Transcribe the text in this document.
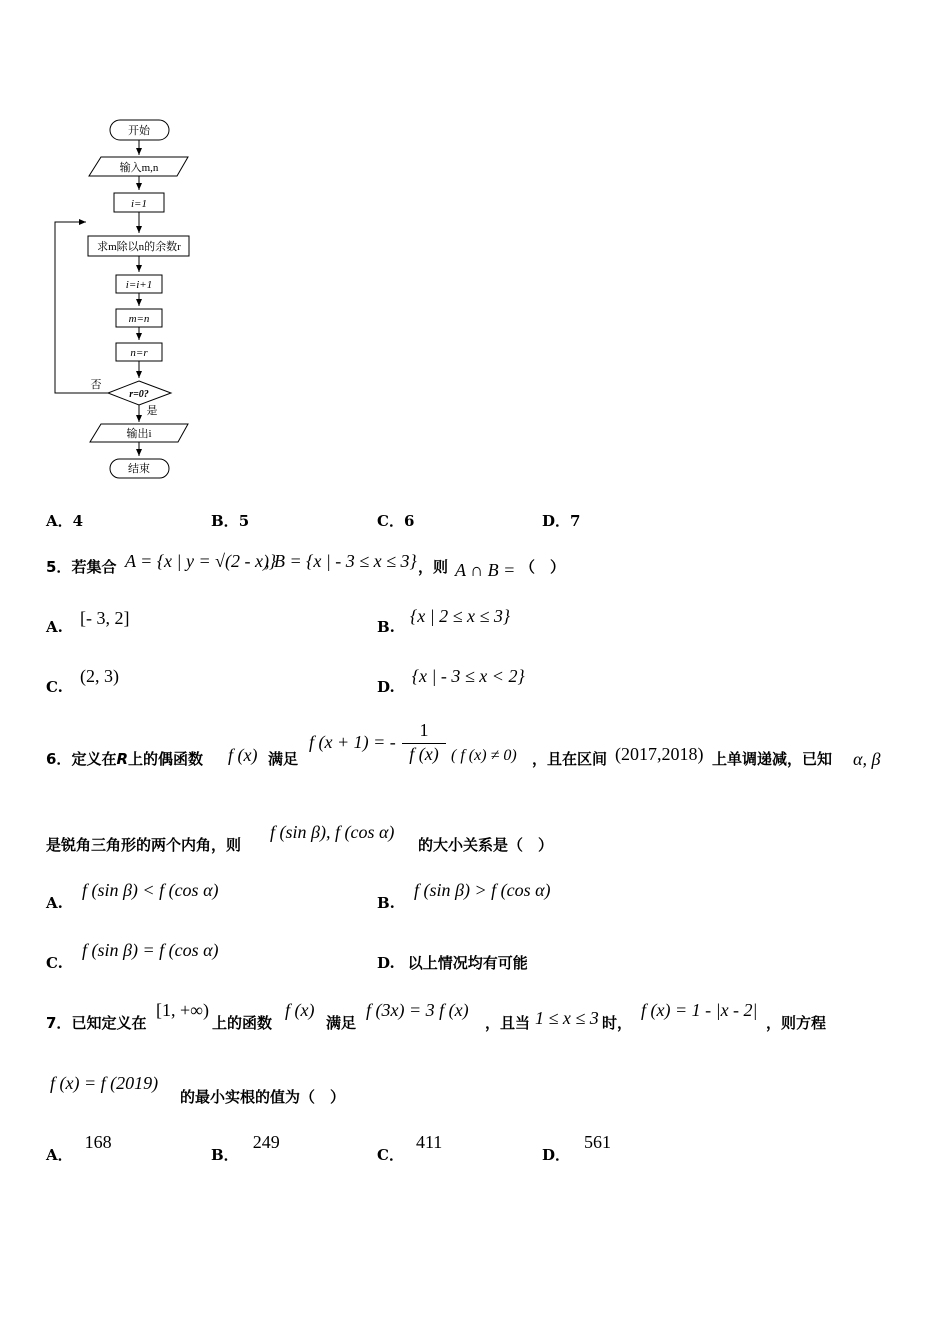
开始
输入m,n
i=1
求m除以n的余数r
i=i+1
m=n
n=r
r=0?
否
是
输出i
结束
A．4	B．5	C．6	D．7
5．若集合 A = {x | y = √(2 - x)}
, B = {x | - 3 ≤ x ≤ 3} ，则 A ∩ B = （　）
A. [- 3, 2]	B. {x | 2 ≤ x ≤ 3}
C. (2, 3)
D. {x | - 3 ≤ x < 2}
6．定义在R上的偶函数 f (x) 满足
f (x + 1) = -
1
f (x) ( f (x) ≠ 0) ，且在区间 (2017,2018) 上单调递减，已知 α, β
是锐角三角形的两个内角，则
f (sin β), f (cos α)
的大小关系是（　）
A. f (sin β) < f (cos α)
B. f (sin β) > f (cos α)
C. f (sin β) = f (cos α)
D. 以上情况均有可能
7．已知定义在
[1, +∞)
上的函数
f (x)
满足
f (3x) = 3 f (x)
，且当 1 ≤ x ≤ 3 时，
f (x) = 1 - |x - 2|
，则方程
f (x) = f (2019)
的最小实根的值为（　）
A．168
B．249
C．411
D．561
